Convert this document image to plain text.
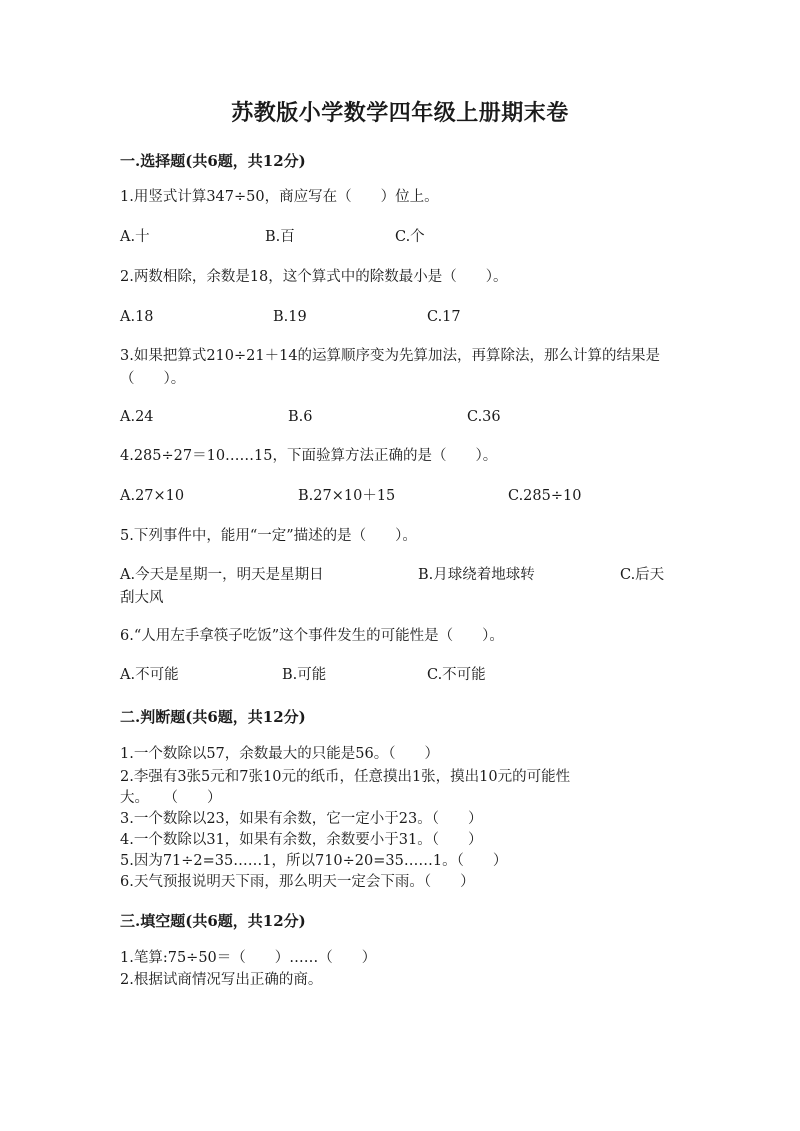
苏教版小学数学四年级上册期末卷
一.选择题(共6题，共12分)
1.用竖式计算347÷50，商应写在（　　）位上。
A.十	B.百	C.个
2.两数相除，余数是18，这个算式中的除数最小是（　　）。
A.18	B.19	C.17
3.如果把算式210÷21＋14的运算顺序变为先算加法，再算除法，那么计算的结果是（　　）。
A.24	B.6	C.36
4.285÷27＝10……15，下面验算方法正确的是（　　）。
A.27×10	B.27×10＋15	C.285÷10
5.下列事件中，能用“一定”描述的是（　　）。
A.今天是星期一，明天是星期日	B.月球绕着地球转	C.后天
刮大风
6.“人用左手拿筷子吃饭”这个事件发生的可能性是（　　）。
A.不可能	B.可能	C.不可能
二.判断题(共6题，共12分)
1.一个数除以57，余数最大的只能是56。（　　）
2.李强有3张5元和7张10元的纸币，任意摸出1张，摸出10元的可能性
大。　　（　　）
3.一个数除以23，如果有余数，它一定小于23。（　　）
4.一个数除以31，如果有余数，余数要小于31。（　　）
5.因为71÷2=35……1，所以710÷20=35……1。（　　）
6.天气预报说明天下雨，那么明天一定会下雨。（　　）
三.填空题(共6题，共12分)
1.笔算:75÷50＝（　　）……（　　）
2.根据试商情况写出正确的商。
